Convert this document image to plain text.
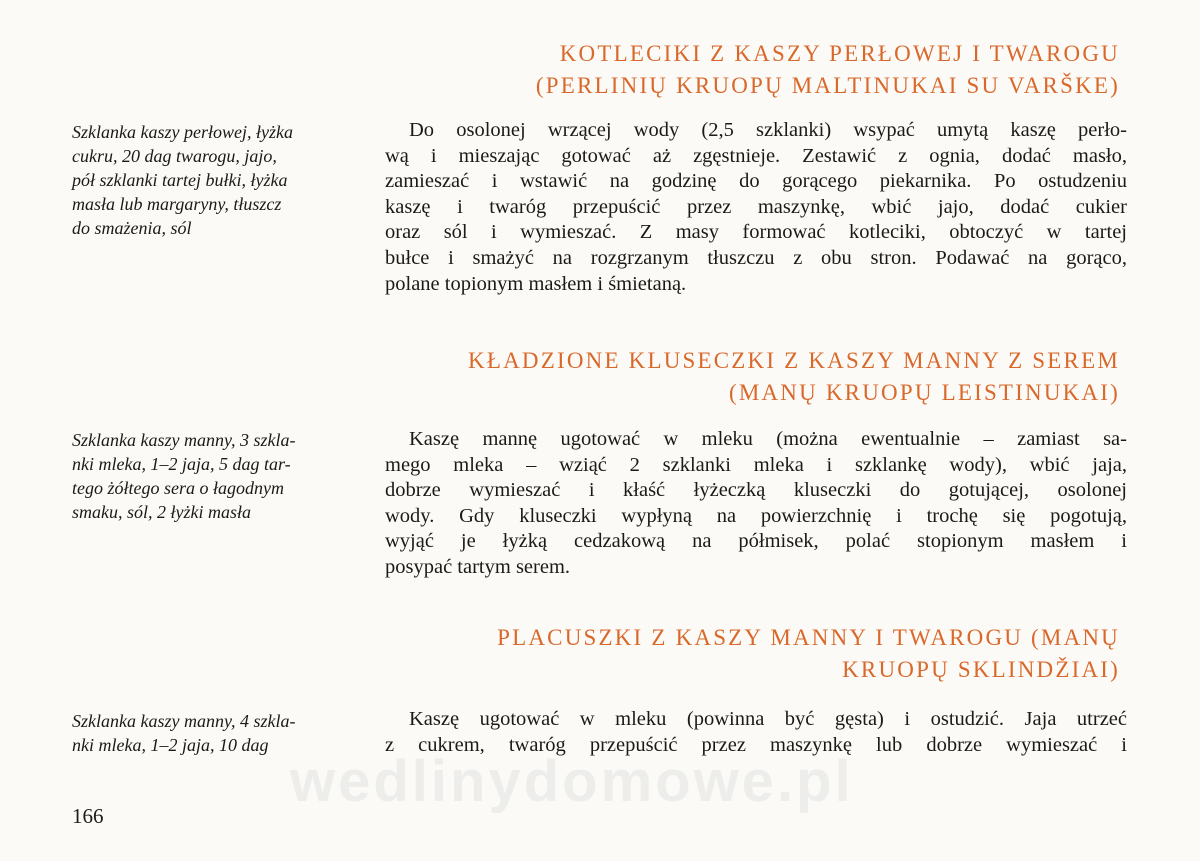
KOTLECIKI Z KASZY PERŁOWEJ I TWAROGU
(PERLINIŲ KRUOPŲ MALTINUKAI SU VARŠKE)

Szklanka kaszy perłowej, łyżka
cukru, 20 dag twarogu, jajo,
pół szklanki tartej bułki, łyżka
masła lub margaryny, tłuszcz
do smażenia, sól

Do osolonej wrzącej wody (2,5 szklanki) wsypać umytą kaszę perło-
wą i mieszając gotować aż zgęstnieje. Zestawić z ognia, dodać masło,
zamieszać i wstawić na godzinę do gorącego piekarnika. Po ostudzeniu
kaszę i twaróg przepuścić przez maszynkę, wbić jajo, dodać cukier
oraz sól i wymieszać. Z masy formować kotleciki, obtoczyć w tartej
bułce i smażyć na rozgrzanym tłuszczu z obu stron. Podawać na gorąco,
polane topionym masłem i śmietaną.

KŁADZIONE KLUSECZKI Z KASZY MANNY Z SEREM
(MANŲ KRUOPŲ LEISTINUKAI)

Szklanka kaszy manny, 3 szkla-
nki mleka, 1–2 jaja, 5 dag tar-
tego żółtego sera o łagodnym
smaku, sól, 2 łyżki masła

Kaszę mannę ugotować w mleku (można ewentualnie – zamiast sa-
mego mleka – wziąć 2 szklanki mleka i szklankę wody), wbić jaja,
dobrze wymieszać i kłaść łyżeczką kluseczki do gotującej, osolonej
wody. Gdy kluseczki wypłyną na powierzchnię i trochę się pogotują,
wyjąć je łyżką cedzakową na półmisek, polać stopionym masłem i
posypać tartym serem.

PLACUSZKI Z KASZY MANNY I TWAROGU (MANŲ
KRUOPŲ SKLINDŽIAI)

Szklanka kaszy manny, 4 szkla-
nki mleka, 1–2 jaja, 10 dag

Kaszę ugotować w mleku (powinna być gęsta) i ostudzić. Jaja utrzeć
z cukrem, twaróg przepuścić przez maszynkę lub dobrze wymieszać i

wedlinydomowe.pl

166
